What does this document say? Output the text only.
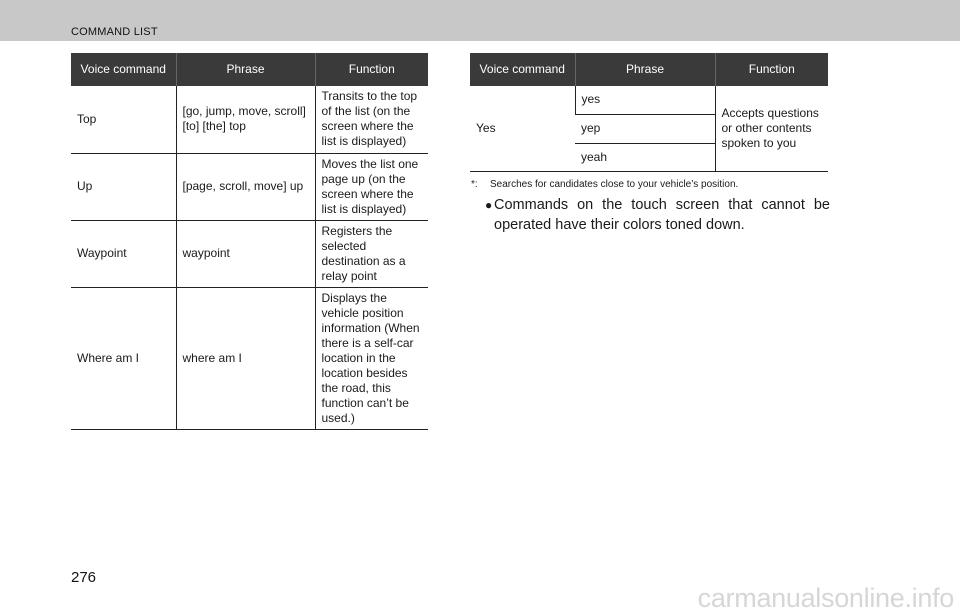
COMMAND LIST
Voice command	Phrase	Function
Top	[go, jump, move, scroll] [to] [the] top	Transits to the top of the list (on the screen where the list is displayed)
Up	[page, scroll, move] up	Moves the list one page up (on the screen where the list is displayed)
Waypoint	waypoint	Registers the selected destination as a relay point
Where am I	where am I	Displays the vehicle position information (When there is a self-car location in the location besides the road, this function can’t be used.)
Voice command	Phrase	Function
Yes	yes	Accepts questions or other contents spoken to you
	yep	
	yeah	
*: Searches for candidates close to your vehicle’s position.
● Commands on the touch screen that cannot be operated have their colors toned down.
276
carmanualsonline.info
